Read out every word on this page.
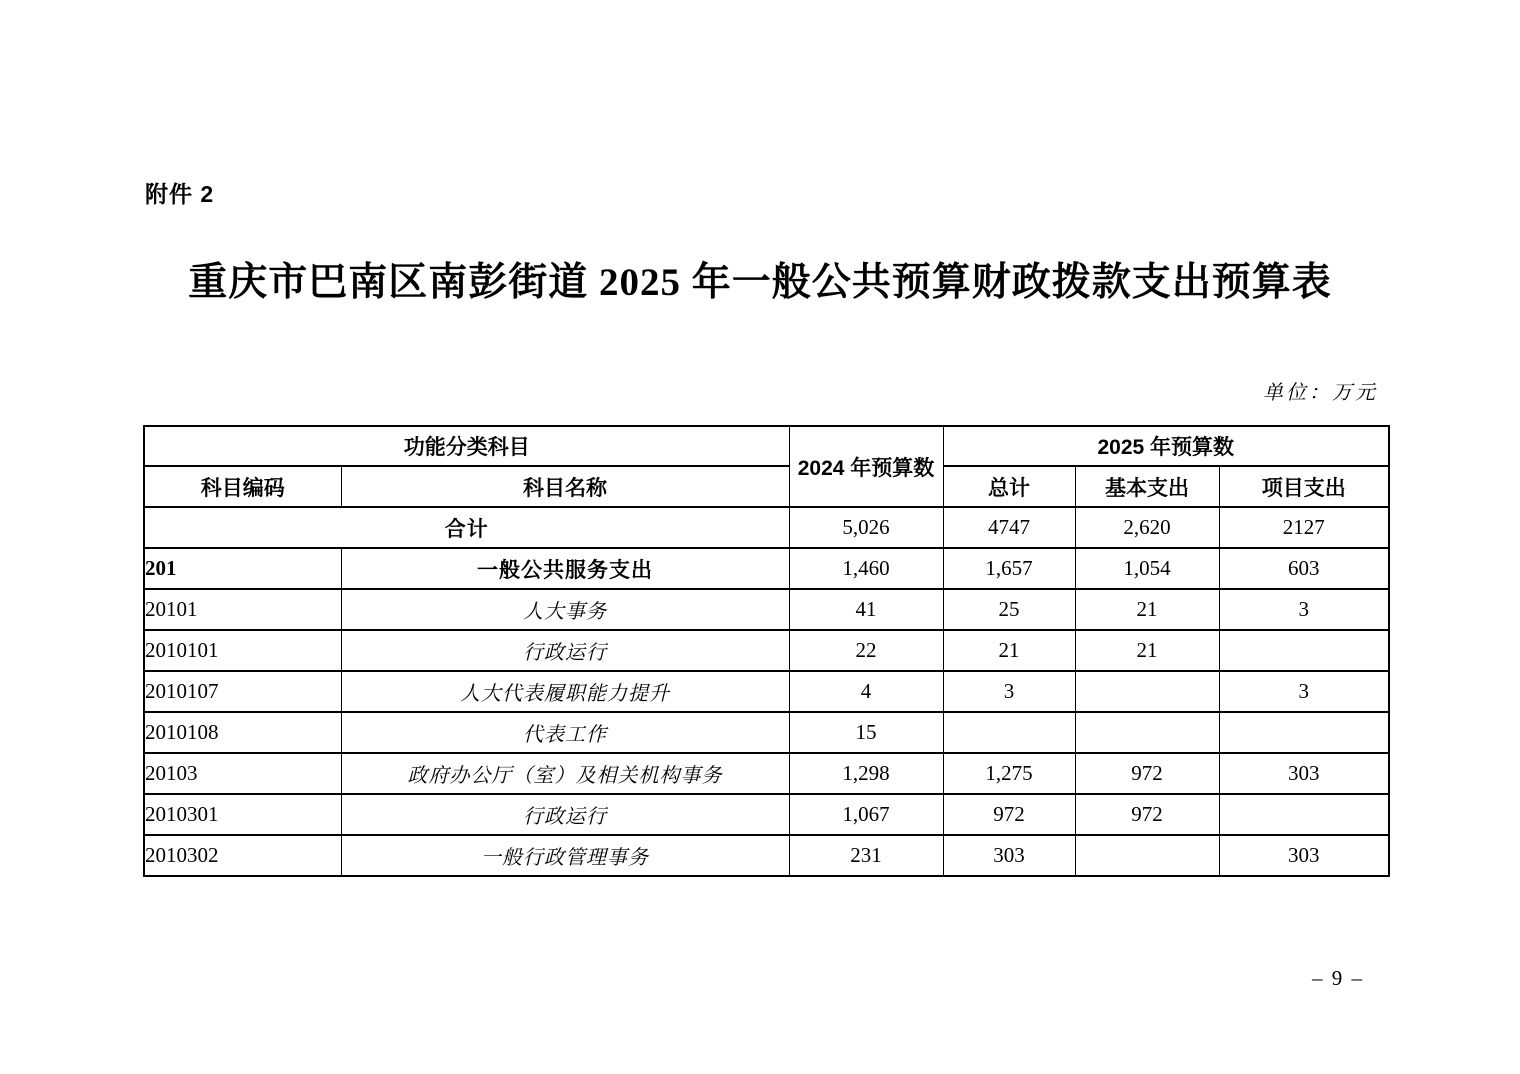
附件 2
重庆市巴南区南彭街道 2025 年一般公共预算财政拨款支出预算表
单位：万元
功能分类科目		2024 年预算数	2025 年预算数		
科目编码	科目名称		总计	基本支出	项目支出
合计		5,026	4747	2,620	2127
201	一般公共服务支出	1,460	1,657	1,054	603
20101	人大事务	41	25	21	3
2010101	行政运行	22	21	21	
2010107	人大代表履职能力提升	4	3		3
2010108	代表工作	15			
20103	政府办公厅（室）及相关机构事务	1,298	1,275	972	303
2010301	行政运行	1,067	972	972	
2010302	一般行政管理事务	231	303		303
– 9 –
